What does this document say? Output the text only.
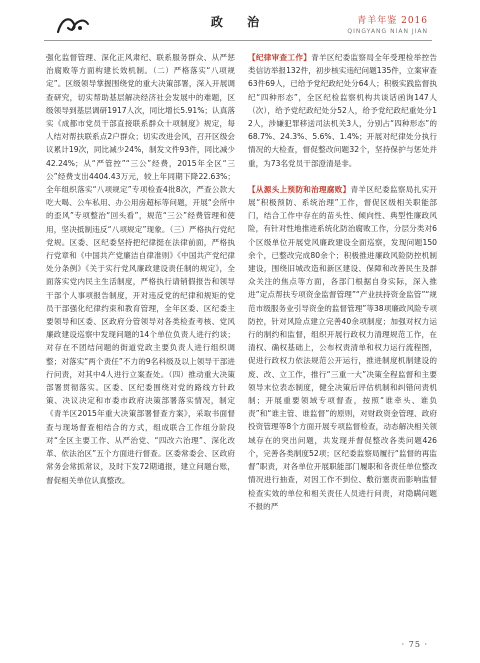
政 治	青羊年鉴 2016
QINGYANG NIAN JIAN

强化监督管理、深化正风肃纪、联系服务群众、从严惩治腐败等方面构建长效机制。（二）严格落实“八项规定”。区级领导掌握围绕党的重大决策部署，深入开展调查研究，切实帮助基层解决经济社会发展中的难题，区级领导到基层调研1917人次，同比增长5.91%；认真落实《成都市党员干部直接联系群众十项制度》规定，每人结对帮扶联系点2户群众；切实改进会风，召开区级会议累计19次，同比减少24%，制发文件93件，同比减少42.24%；从“严管控”“三公”经费，2015年全区“三公”经费支出4404.43万元，较上年同期下降22.63%；全年组织落实“八项规定”专项检查4批8次，严查公款大吃大喝、公车私用、办公用房超标等问题，开展“会所中的歪风”专项整治“回头看”，规范“三公”经费管理和使用，坚决抵制违反“八项规定”现象。（三）严格执行党纪党规。区委、区纪委坚持把纪律挺在法律前面，严格执行党章和《中国共产党廉洁自律准则》《中国共产党纪律处分条例》《关于实行党风廉政建设责任制的规定》，全面落实党内民主生活制度，严格执行请销假报告和领导干部个人事项报告制度，开对违反党的纪律和规矩的党员干部强化纪律约束和教育管理，全年区委、区纪委主要领导和区委、区政府分管领导对各类检查考核、党风廉政建设巡察中发现问题的14个单位负责人进行约谈；对存在不团结问题的街道党政主要负责人进行组织调整；对落实“两个责任”不力的9名科级及以上领导干部进行问责，对其中4人进行立案查处。（四）推动重大决策部署贯彻落实。区委、区纪委围绕对党的路线方针政策、决议决定和市委市政府决策部署落实情况，制定《青羊区2015年重大决策部署督查方案》，采取书面督查与现场督查相结合的方式，组成联合工作组分阶段对“全区主要工作、从严治党、“四改六治理”、深化改革、依法治区”五个方面进行督查。区委常委会、区政府常务会常抓常议，及时下发72期通报，建立问题台账，督促相关单位认真整改。

【纪律审查工作】青羊区纪委监察局全年受理检举控告类信访举报132件，初步核实违纪问题135件，立案审查63件69人，已给予党纪政纪处分64人；积极实践监督执纪“四种形态”，全区纪检监察机构共谈话函询147人（次），给予党纪政纪处分52人，给予党纪政纪重处分12人，涉嫌犯罪移送司法机关3人，分别占“四种形态”的68.7%、24.3%、5.6%、1.4%；开展对纪律处分执行情况的大检查，督促整改问题32个，坚持保护与惩处并重，为73名党员干部澄清是非。

【从源头上预防和治理腐败】青羊区纪委监察局扎实开展“积极预防、系统治理”工作，督促区级相关职能部门，结合工作中存在的苗头性、倾向性、典型性廉政风险，有针对性地推进系统化防治腐败工作，分层分类对6个区级单位开展党风廉政建设全面巡察，发现问题150余个，已整改完成80余个；积极推进廉政风险防控机制建设，围绕旧城改造和新区建设、保障和改善民生及群众关注的焦点等方面，各部门根据自身实际，深入推进“定点帮扶专项资金监督管理”“产业扶持资金监管”“规范市级服务业引导资金的监督管理”等38项廉政风险专项防控，针对风险点建立完善40余项制度；加强对权力运行的制约和监督，组织开展行政权力清理规范工作，在清权、确权基础上，公布权责清单和权力运行流程图，促进行政权力依法规范公开运行，推进制度机制建设的废、改、立工作，推行“三重一大”决策全程监督和主要领导末位表态制度，健全决策后评估机制和纠错问责机制；开展重要领域专项督查，按照“谁牵头、谁负责”和“谁主管、谁监督”的原则，对财政资金管理、政府投资管理等8个方面开展专项监督检查，动态解决相关领域存在的突出问题，共发现并督促整改各类问题426个，完善各类制度52项；区纪委监察局履行“监督的再监督”职责，对各单位开展职能部门履职和各责任单位整改情况进行抽查，对因工作不到位、敷衍塞责而影响监督检查实效的单位和相关责任人员进行问责，对隐瞒问题不报的严

· 75 ·
